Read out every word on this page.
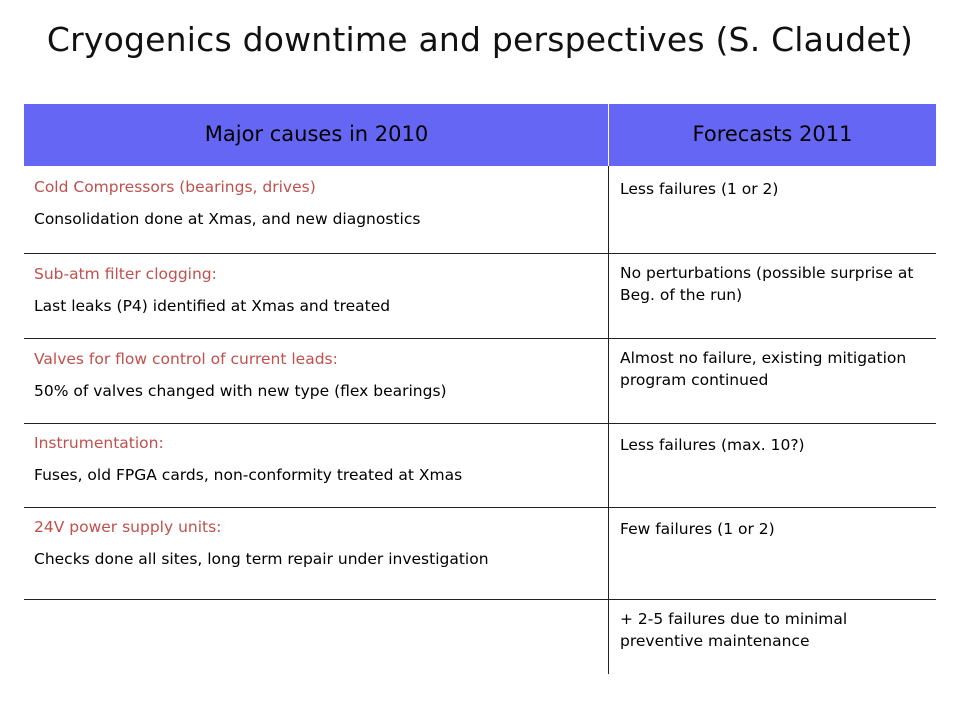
Cryogenics downtime and perspectives (S. Claudet)
Major causes in 2010	Forecasts 2011
Cold Compressors (bearings, drives)
Consolidation done at Xmas, and new diagnostics
Less failures (1 or 2)
Sub-atm filter clogging:
Last leaks (P4) identified at Xmas and treated
No perturbations (possible surprise at Beg. of the run)
Valves for flow control of current leads:
50% of valves changed with new type (flex bearings)
Almost no failure, existing mitigation program continued
Instrumentation:
Fuses, old FPGA cards, non-conformity treated at Xmas
Less failures (max. 10?)
24V power supply units:
Checks done all sites, long term repair under investigation
Few failures (1 or 2)
+ 2-5 failures due to minimal preventive maintenance
